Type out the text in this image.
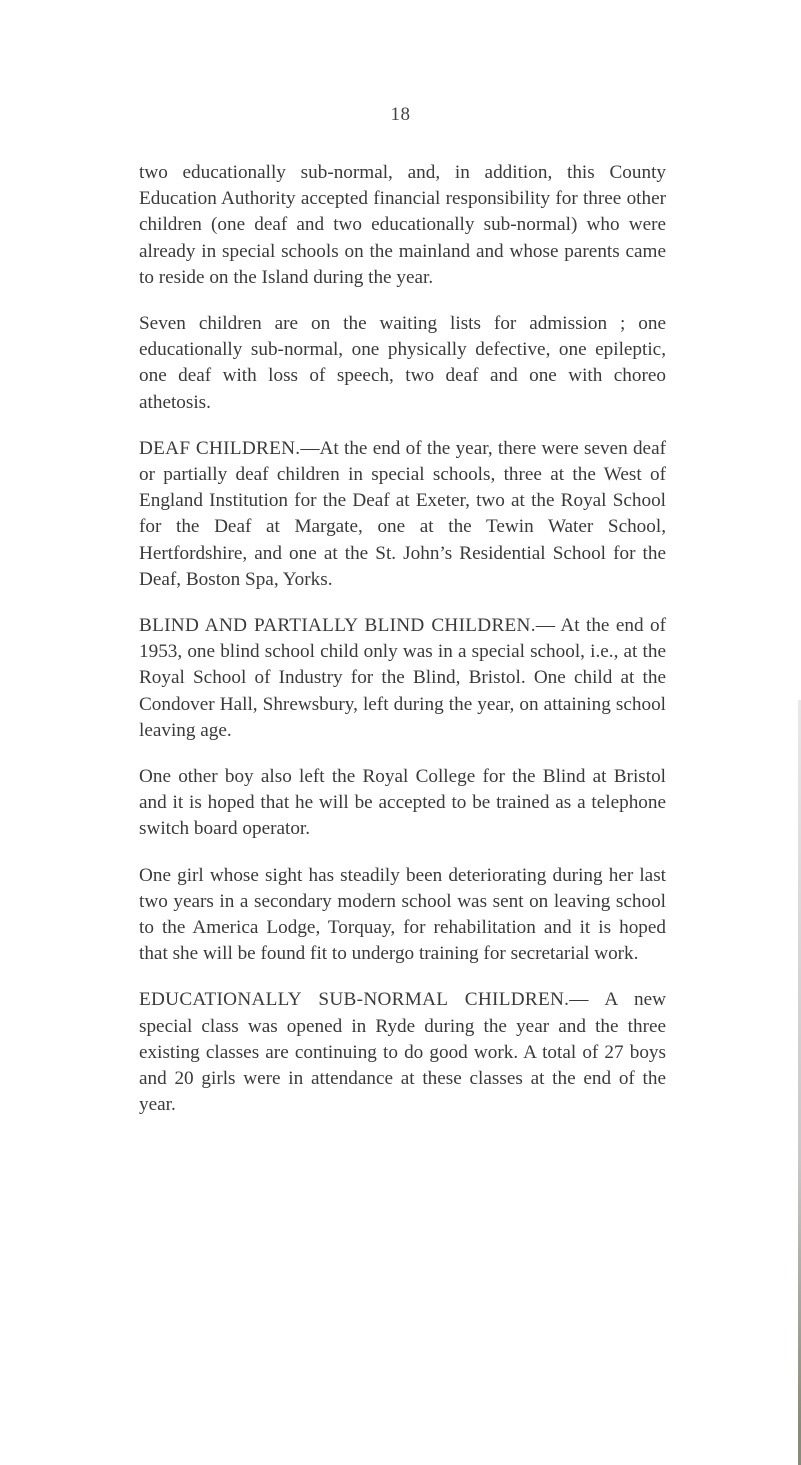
18

two educationally sub-normal, and, in addition, this County Education Authority accepted financial responsibility for three other children (one deaf and two educationally sub-normal) who were already in special schools on the mainland and whose parents came to reside on the Island during the year.

Seven children are on the waiting lists for admission ; one educationally sub-normal, one physically defective, one epileptic, one deaf with loss of speech, two deaf and one with choreo athetosis.

DEAF CHILDREN.—At the end of the year, there were seven deaf or partially deaf children in special schools, three at the West of England Institution for the Deaf at Exeter, two at the Royal School for the Deaf at Margate, one at the Tewin Water School, Hertfordshire, and one at the St. John’s Residential School for the Deaf, Boston Spa, Yorks.

BLIND AND PARTIALLY BLIND CHILDREN.— At the end of 1953, one blind school child only was in a special school, i.e., at the Royal School of Industry for the Blind, Bristol. One child at the Condover Hall, Shrewsbury, left during the year, on attaining school leaving age.

One other boy also left the Royal College for the Blind at Bristol and it is hoped that he will be accepted to be trained as a telephone switch board operator.

One girl whose sight has steadily been deteriorating during her last two years in a secondary modern school was sent on leaving school to the America Lodge, Torquay, for rehabilitation and it is hoped that she will be found fit to undergo training for secretarial work.

EDUCATIONALLY SUB-NORMAL CHILDREN.— A new special class was opened in Ryde during the year and the three existing classes are continuing to do good work. A total of 27 boys and 20 girls were in attendance at these classes at the end of the year.
